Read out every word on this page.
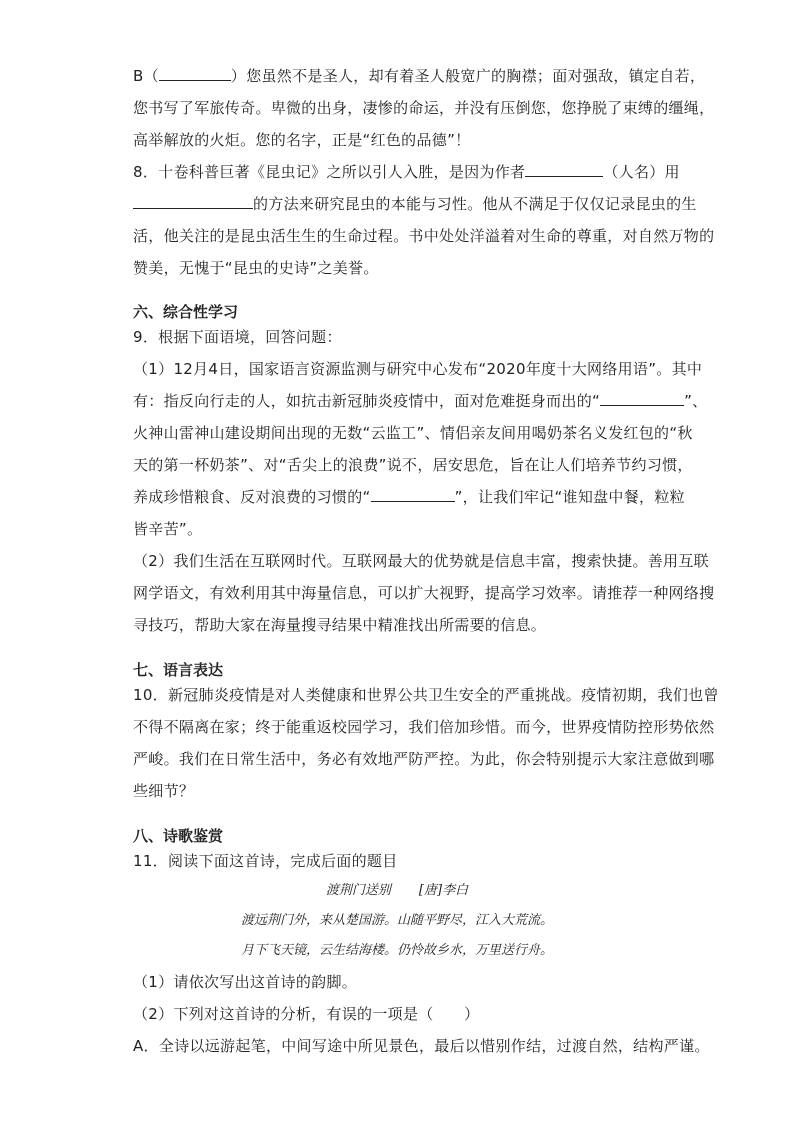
B（	）您虽然不是圣人，却有着圣人般宽广的胸襟；面对强敌，镇定自若，
您书写了军旅传奇。卑微的出身，凄惨的命运，并没有压倒您，您挣脱了束缚的缰绳，
高举解放的火炬。您的名字，正是“红色的品德”！
8．十卷科普巨著《昆虫记》之所以引人入胜，是因为作者	（人名）用
的方法来研究昆虫的本能与习性。他从不满足于仅仅记录昆虫的生
活，他关注的是昆虫活生生的生命过程。书中处处洋溢着对生命的尊重，对自然万物的
赞美，无愧于“昆虫的史诗”之美誉。
六、综合性学习
9．根据下面语境，回答问题：
（1）12月4日，国家语言资源监测与研究中心发布“2020年度十大网络用语”。其中
有：指反向行走的人，如抗击新冠肺炎疫情中，面对危难挺身而出的“	”、
火神山雷神山建设期间出现的无数“云监工”、情侣亲友间用喝奶茶名义发红包的“秋
天的第一杯奶茶”、对“舌尖上的浪费”说不，居安思危，旨在让人们培养节约习惯，
养成珍惜粮食、反对浪费的习惯的“	”，让我们牢记“谁知盘中餐，粒粒
皆辛苦”。
（2）我们生活在互联网时代。互联网最大的优势就是信息丰富，搜索快捷。善用互联
网学语文，有效利用其中海量信息，可以扩大视野，提高学习效率。请推荐一种网络搜
寻技巧，帮助大家在海量搜寻结果中精准找出所需要的信息。
七、语言表达
10．新冠肺炎疫情是对人类健康和世界公共卫生安全的严重挑战。疫情初期，我们也曾
不得不隔离在家；终于能重返校园学习，我们倍加珍惜。而今，世界疫情防控形势依然
严峻。我们在日常生活中，务必有效地严防严控。为此，你会特别提示大家注意做到哪
些细节？
八、诗歌鉴赏
11．阅读下面这首诗，完成后面的题目
渡荆门送别 [唐]李白
渡远荆门外，来从楚国游。山随平野尽，江入大荒流。
月下飞天镜，云生结海楼。仍怜故乡水，万里送行舟。
（1）请依次写出这首诗的韵脚。
（2）下列对这首诗的分析，有误的一项是（　　）
A．全诗以远游起笔，中间写途中所见景色，最后以惜别作结，过渡自然，结构严谨。
